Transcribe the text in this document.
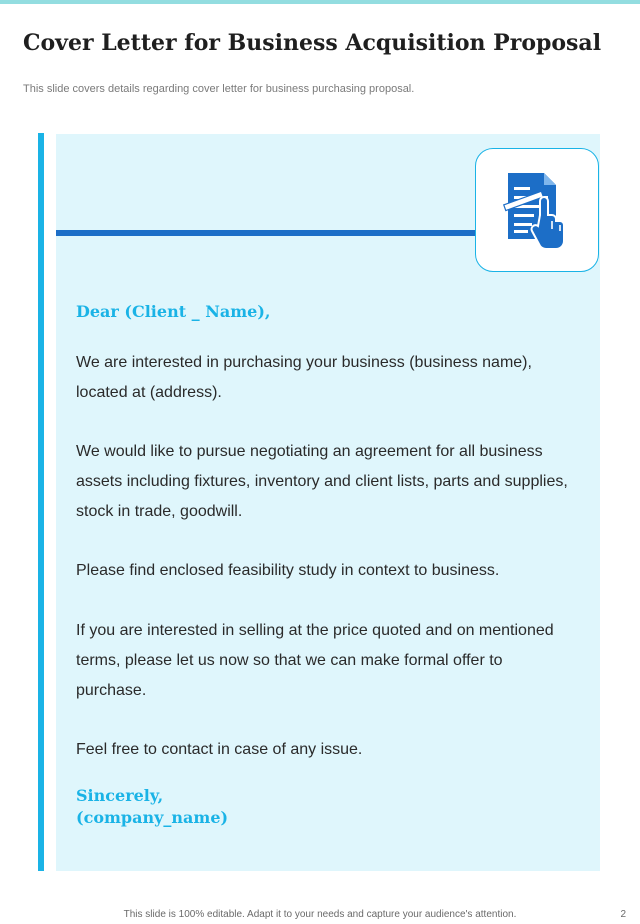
Cover Letter for Business Acquisition Proposal

This slide covers details regarding cover letter for business purchasing proposal.

Dear (Client _ Name),

We are interested in purchasing your business (business name), located at (address).

We would like to pursue negotiating an agreement for all business assets including fixtures, inventory and client lists, parts and supplies, stock in trade, goodwill.

Please find enclosed feasibility study in context to business.

If you are interested in selling at the price quoted and on mentioned terms, please let us now so that we can make formal offer to purchase.

Feel free to contact in case of any issue.

Sincerely,

(company_name)

This slide is 100% editable. Adapt it to your needs and capture your audience's attention.	2
